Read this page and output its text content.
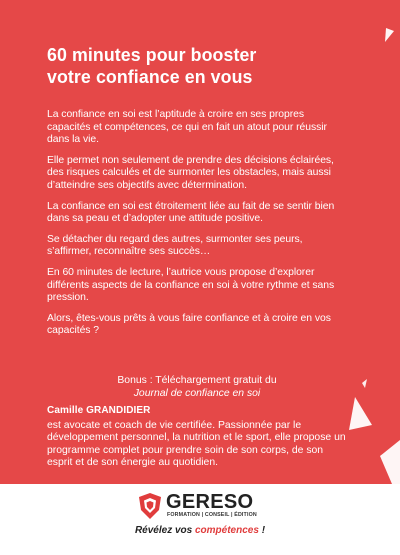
60 minutes pour booster
votre confiance en vous

La confiance en soi est l’aptitude à croire en ses propres capacités et compétences, ce qui en fait un atout pour réussir dans la vie.

Elle permet non seulement de prendre des décisions éclairées, des risques calculés et de surmonter les obstacles, mais aussi d’atteindre ses objectifs avec détermination.

La confiance en soi est étroitement liée au fait de se sentir bien dans sa peau et d’adopter une attitude positive.

Se détacher du regard des autres, surmonter ses peurs, s’affirmer, reconnaître ses succès…

En 60 minutes de lecture, l’autrice vous propose d’explorer différents aspects de la confiance en soi à votre rythme et sans pression.

Alors, êtes-vous prêts à vous faire confiance et à croire en vos capacités ?

Bonus : Téléchargement gratuit du
Journal de confiance en soi
Camille GRANDIDIER
est avocate et coach de vie certifiée. Passionnée par le développement personnel, la nutrition et le sport, elle propose un programme complet pour prendre soin de son corps, de son esprit et de son énergie au quotidien.
GERESO
FORMATION | CONSEIL | ÉDITION
Révélez vos compétences !
